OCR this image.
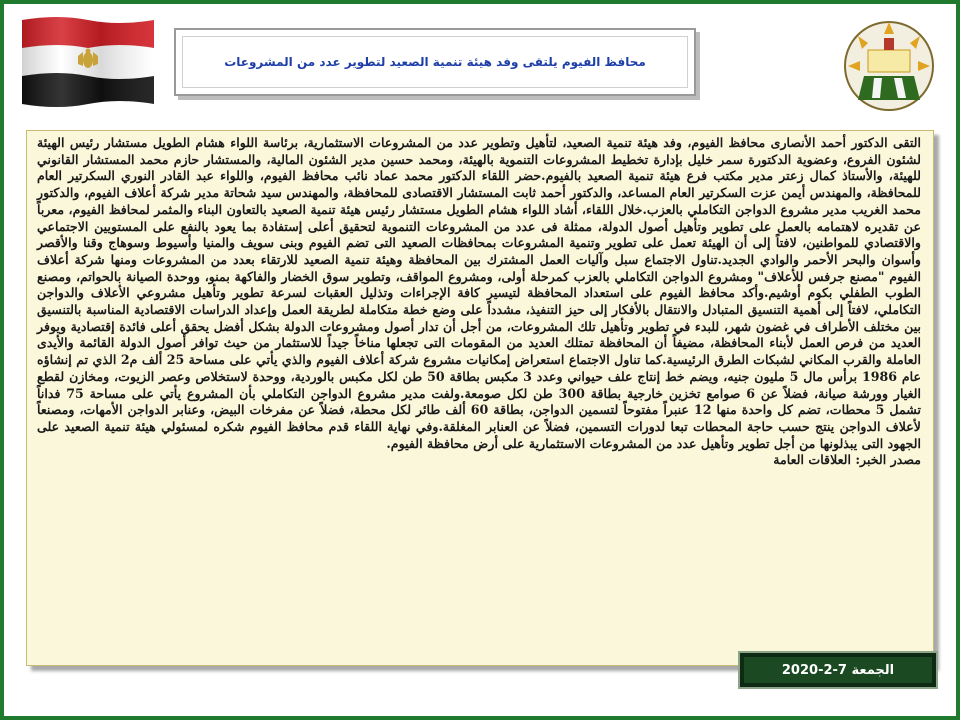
محافظ الفيوم يلتقى وفد هيئة تنمية الصعيد لتطوير عدد من المشروعات

التقى الدكتور أحمد الأنصارى محافظ الفيوم، وفد هيئة تنمية الصعيد، لتأهيل وتطوير عدد من المشروعات الاستثمارية، برئاسة اللواء هشام الطويل مستشار رئيس الهيئة لشئون الفروع، وعضوية الدكتورة سمر خليل بإدارة تخطيط المشروعات التنموية بالهيئة، ومحمد حسين مدير الشئون المالية، والمستشار حازم محمد المستشار القانوني للهيئة، والأستاذ كمال زعتر مدير مكتب فرع هيئة تنمية الصعيد بالفيوم.حضر اللقاء الدكتور محمد عماد نائب محافظ الفيوم، واللواء عبد القادر النوري السكرتير العام للمحافظة، والمهندس أيمن عزت السكرتير العام المساعد، والدكتور أحمد ثابت المستشار الاقتصادى للمحافظة، والمهندس سيد شحاتة مدير شركة أعلاف الفيوم، والدكتور محمد الغريب مدير مشروع الدواجن التكاملي بالعزب.خلال اللقاء، أشاد اللواء هشام الطويل مستشار رئيس هيئة تنمية الصعيد بالتعاون البناء والمثمر لمحافظ الفيوم، معرباً عن تقديره لاهتمامه بالعمل على تطوير وتأهيل أصول الدولة، ممثلة فى عدد من المشروعات التنموية لتحقيق أعلى إستفادة بما يعود بالنفع على المستويين الاجتماعي والاقتصادي للمواطنين، لافتاً إلى أن الهيئة تعمل على تطوير وتنمية المشروعات بمحافظات الصعيد التى تضم الفيوم وبنى سويف والمنيا وأسيوط وسوهاج وقنا والأقصر وأسوان والبحر الأحمر والوادي الجديد.تناول الاجتماع سبل وآليات العمل المشترك بين المحافظة وهيئة تنمية الصعيد للارتقاء بعدد من المشروعات ومنها شركة أعلاف الفيوم "مصنع جرفس للأعلاف" ومشروع الدواجن التكاملي بالعزب كمرحلة أولى، ومشروع المواقف، وتطوير سوق الخضار والفاكهة بمنو، ووحدة الصيانة بالحواتم، ومصنع الطوب الطفلي بكوم أوشيم.وأكد محافظ الفيوم على استعداد المحافظة لتيسير كافة الإجراءات وتذليل العقبات لسرعة تطوير وتأهيل مشروعي الأعلاف والدواجن التكاملي، لافتاً إلى أهمية التنسيق المتبادل والانتقال بالأفكار إلى حيز التنفيذ، مشدداً على وضع خطة متكاملة لطريقة العمل وإعداد الدراسات الاقتصادية المناسبة بالتنسيق بين مختلف الأطراف في غضون شهر، للبدء في تطوير وتأهيل تلك المشروعات، من أجل أن تدار أصول ومشروعات الدولة بشكل أفضل يحقق أعلى فائدة إقتصادية ويوفر العديد من فرص العمل لأبناء المحافظة، مضيفاً أن المحافظة تمتلك العديد من المقومات التى تجعلها مناخاً جيداً للاستثمار من حيث توافر أصول الدولة القائمة والأيدى العاملة والقرب المكاني لشبكات الطرق الرئيسية.كما تناول الاجتماع استعراض إمكانيات مشروع شركة أعلاف الفيوم والذي يأتي على مساحة 25 ألف م2 الذي تم إنشاؤه عام 1986 برأس مال 5 مليون جنيه، ويضم خط إنتاج علف حيواني وعدد 3 مكبس بطاقة 50 طن لكل مكبس بالوردية، ووحدة لاستخلاص وعصر الزيوت، ومخازن لقطع الغيار وورشة صيانة، فضلاً عن 6 صوامع تخزين خارجية بطاقة 300 طن لكل صومعة.ولفت مدير مشروع الدواجن التكاملي بأن المشروع يأتي على مساحة 75 فداناً تشمل 5 محطات، تضم كل واحدة منها 12 عنبراً مفتوحاً لتسمين الدواجن، بطاقة 60 ألف طائر لكل محطة، فضلاً عن مفرخات البيض، وعنابر الدواجن الأمهات، ومصنعاً لأعلاف الدواجن ينتج حسب حاجة المحطات تبعا لدورات التسمين، فضلاً عن العنابر المغلقة.وفي نهاية اللقاء قدم محافظ الفيوم شكره لمسئولي هيئة تنمية الصعيد على الجهود التى يبذلونها من أجل تطوير وتأهيل عدد من المشروعات الاستثمارية على أرض محافظة الفيوم.

مصدر الخبر: العلاقات العامة

الجمعة 7-2-2020
